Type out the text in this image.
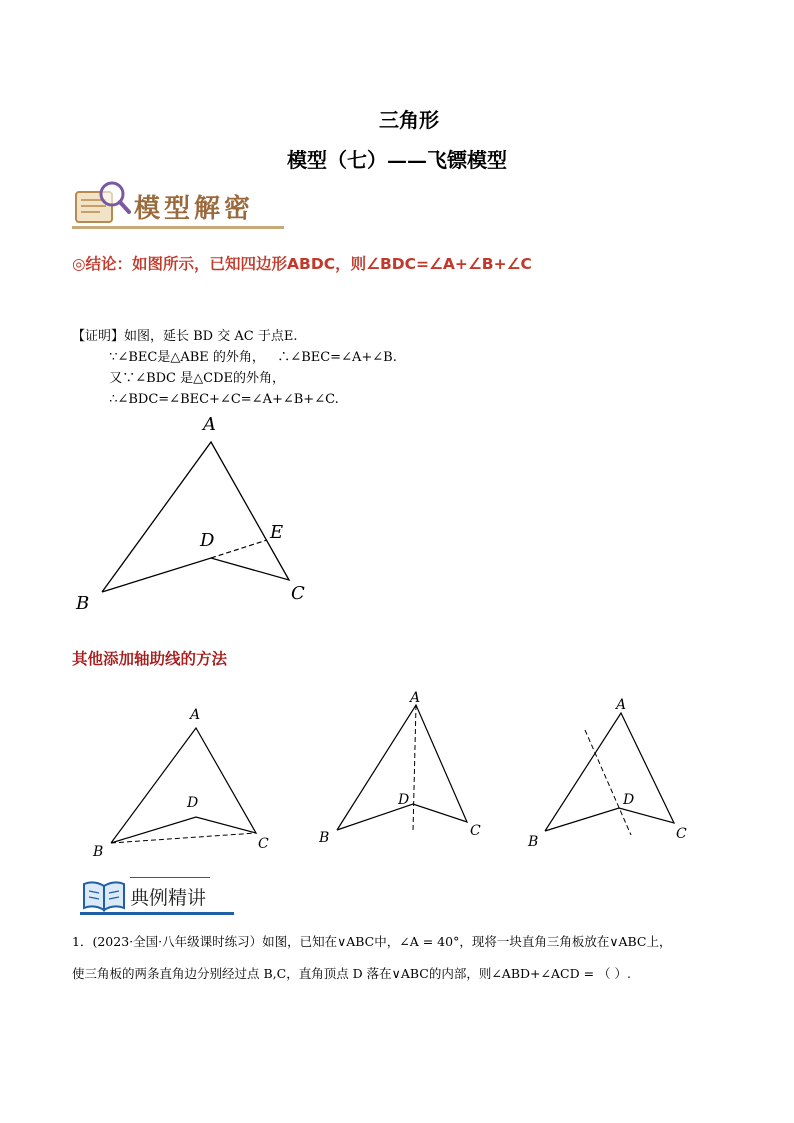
三角形
模型（七）——飞镖模型
模型解密
◎结论：如图所示，已知四边形ABDC，则∠BDC=∠A+∠B+∠C
【证明】如图，延长 BD 交 AC 于点E.
∵∠BEC是△ABE 的外角，   ∴∠BEC=∠A+∠B.
又∵∠BDC 是△CDE的外角，
∴∠BDC=∠BEC+∠C=∠A+∠B+∠C.
A
B	C
D	E
其他添加轴助线的方法
A
B	C
D
A
B	C
D
A
B	C
D
典例精讲
1．(2023·全国·八年级课时练习）如图，已知在∨ABC中，∠A = 40°，现将一块直角三角板放在∨ABC上，
使三角板的两条直角边分别经过点 B,C，直角顶点 D 落在∨ABC的内部，则∠ABD+∠ACD = （ ）.
